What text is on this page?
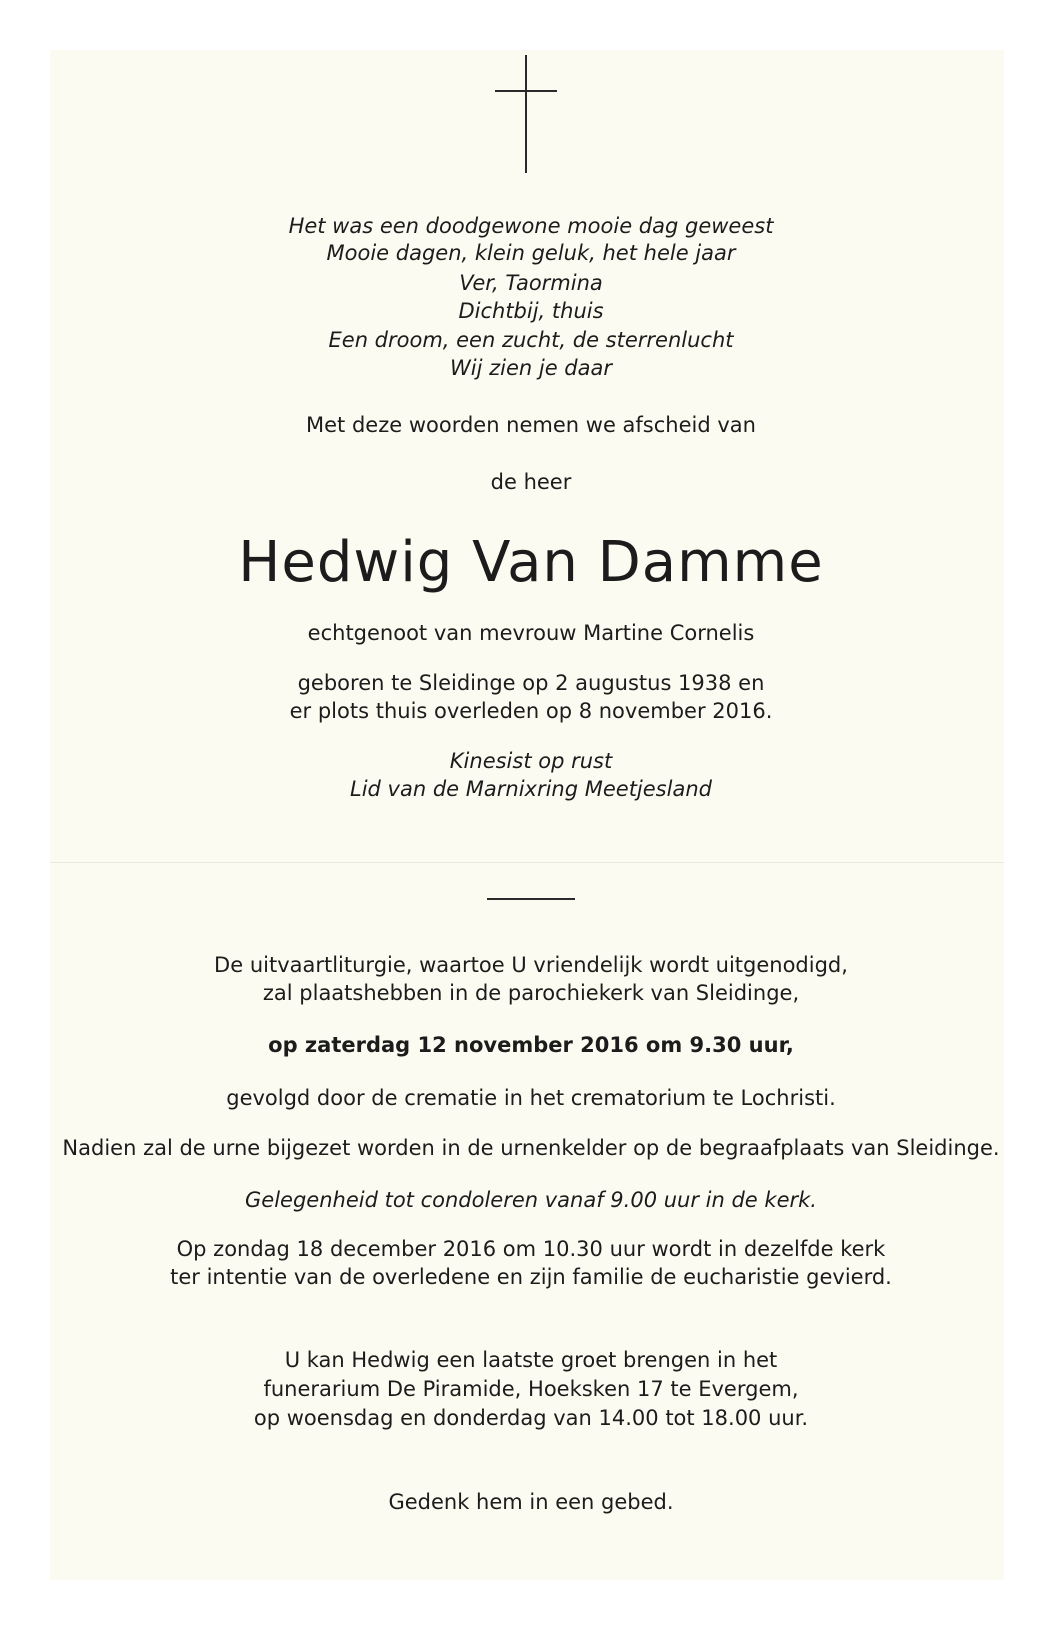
Het was een doodgewone mooie dag geweest
Mooie dagen, klein geluk, het hele jaar
Ver, Taormina
Dichtbij, thuis
Een droom, een zucht, de sterrenlucht
Wij zien je daar
Met deze woorden nemen we afscheid van
de heer
Hedwig Van Damme
echtgenoot van mevrouw Martine Cornelis
geboren te Sleidinge op 2 augustus 1938 en
er plots thuis overleden op 8 november 2016.
Kinesist op rust
Lid van de Marnixring Meetjesland
De uitvaartliturgie, waartoe U vriendelijk wordt uitgenodigd,
zal plaatshebben in de parochiekerk van Sleidinge,
op zaterdag 12 november 2016 om 9.30 uur,
gevolgd door de crematie in het crematorium te Lochristi.
Nadien zal de urne bijgezet worden in de urnenkelder op de begraafplaats van Sleidinge.
Gelegenheid tot condoleren vanaf 9.00 uur in de kerk.
Op zondag 18 december 2016 om 10.30 uur wordt in dezelfde kerk
ter intentie van de overledene en zijn familie de eucharistie gevierd.
U kan Hedwig een laatste groet brengen in het
funerarium De Piramide, Hoeksken 17 te Evergem,
op woensdag en donderdag van 14.00 tot 18.00 uur.
Gedenk hem in een gebed.
